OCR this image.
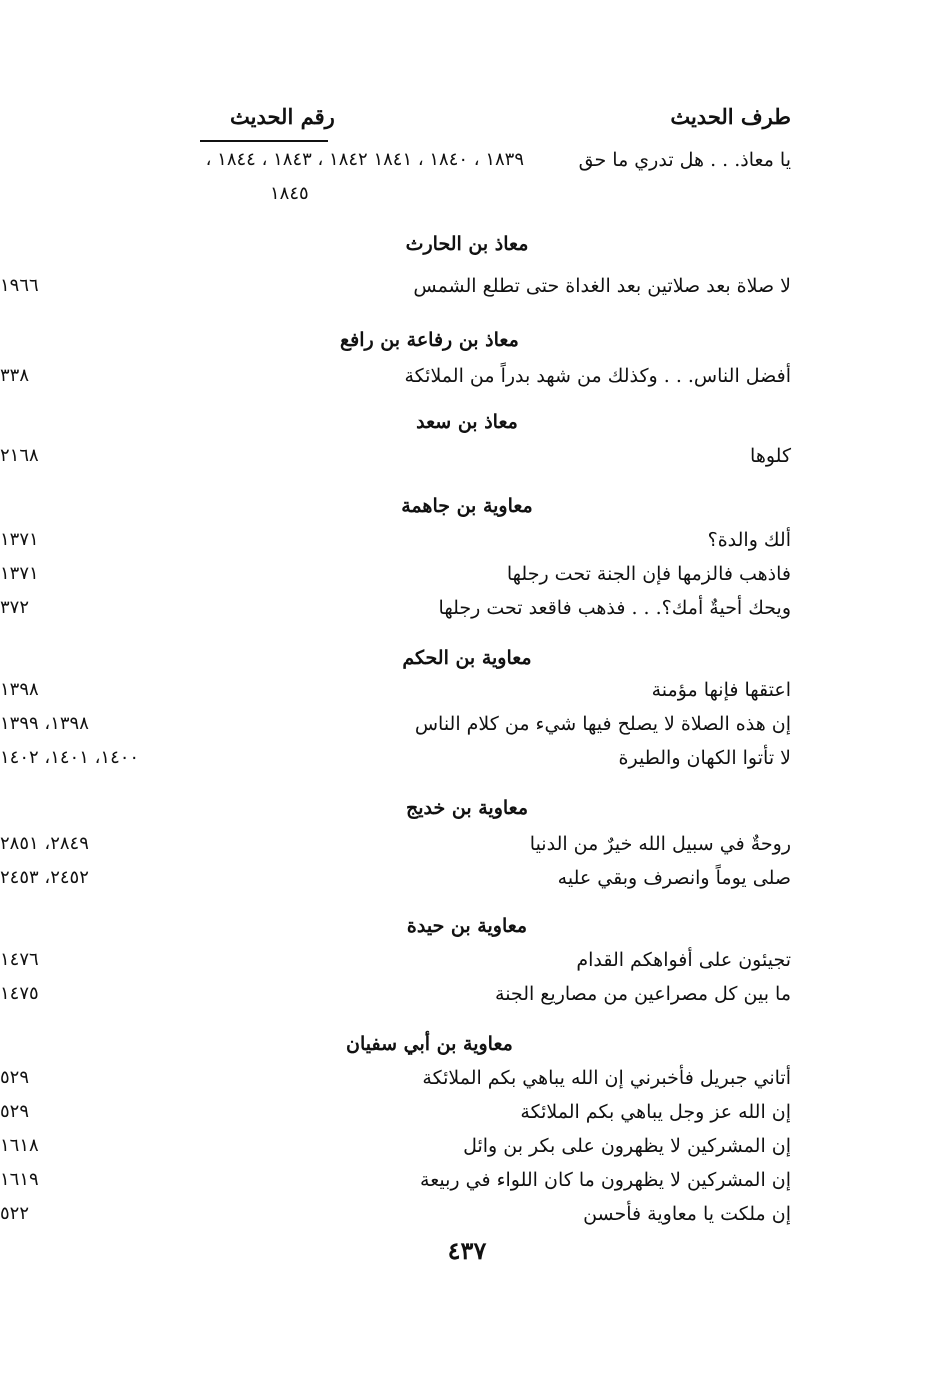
رقم الحديث	طرف الحديث
يا معاذ. . . هل تدري ما حق
١٨٣٩ ، ١٨٤٠ ، ١٨٤١ ١٨٤٢ ، ١٨٤٣ ، ١٨٤٤ ،
١٨٤٥
معاذ بن الحارث
لا صلاة بعد صلاتين بعد الغداة حتى تطلع الشمس
١٩٦٦
معاذ بن رفاعة بن رافع
أفضل الناس. . . وكذلك من شهد بدراً من الملائكة
٣٣٨
معاذ بن سعد
كلوها
٢١٦٨
معاوية بن جاهمة
ألك والدة؟
١٣٧١
فاذهب فالزمها فإن الجنة تحت رجلها
١٣٧١
ويحك أحيةٌ أمك؟. . . فذهب فاقعد تحت رجلها
٣٧٢
معاوية بن الحكم
اعتقها فإنها مؤمنة
١٣٩٨
إن هذه الصلاة لا يصلح فيها شيء من كلام الناس
١٣٩٨، ١٣٩٩
لا تأتوا الكهان والطيرة
١٤٠٠، ١٤٠١، ١٤٠٢
معاوية بن خديج
روحةٌ في سبيل الله خيرٌ من الدنيا
٢٨٤٩، ٢٨٥١
صلى يوماً وانصرف وبقي عليه
٢٤٥٢، ٢٤٥٣
معاوية بن حيدة
تجيئون على أفواهكم القدام
١٤٧٦
ما بين كل مصراعين من مصاريع الجنة
١٤٧٥
معاوية بن أبي سفيان
أتاني جبريل فأخبرني إن الله يباهي بكم الملائكة
٥٢٩
إن الله عز وجل يباهي بكم الملائكة
٥٢٩
إن المشركين لا يظهرون على بكر بن وائل
١٦١٨
إن المشركين لا يظهرون ما كان اللواء في ربيعة
١٦١٩
إن ملكت يا معاوية فأحسن
٥٢٢
٤٣٧
